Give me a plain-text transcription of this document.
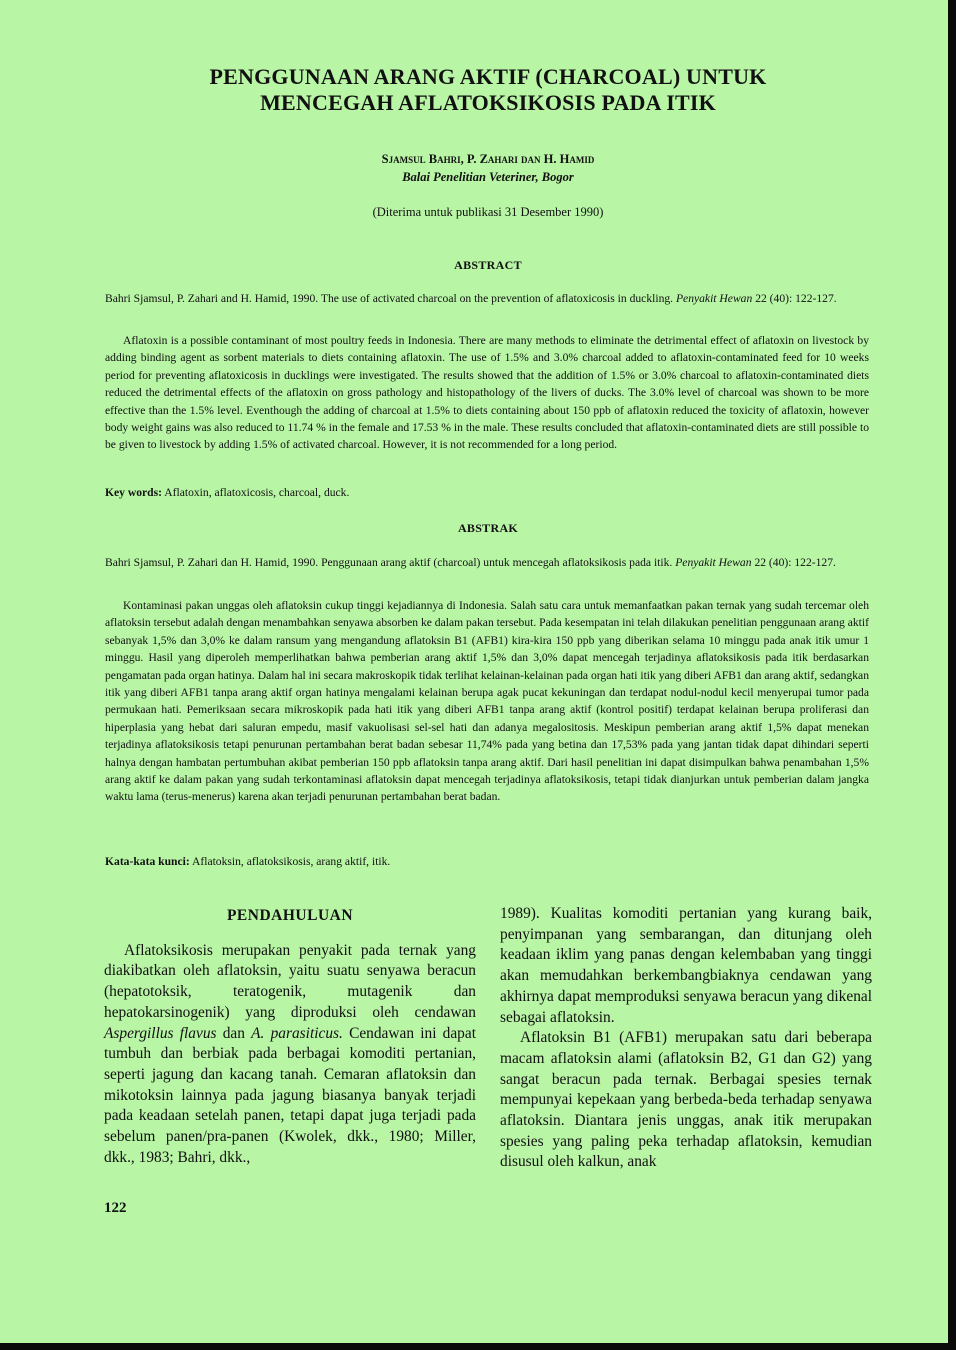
PENGGUNAAN ARANG AKTIF (CHARCOAL) UNTUK
MENCEGAH AFLATOKSIKOSIS PADA ITIK
Sjamsul Bahri, P. Zahari dan H. Hamid
Balai Penelitian Veteriner, Bogor
(Diterima untuk publikasi 31 Desember 1990)
ABSTRACT

Bahri Sjamsul, P. Zahari and H. Hamid, 1990. The use of activated charcoal on the prevention of aflatoxicosis in duckling. Penyakit Hewan 22 (40): 122-127.

Aflatoxin is a possible contaminant of most poultry feeds in Indonesia. There are many methods to eliminate the detrimental effect of aflatoxin on livestock by adding binding agent as sorbent materials to diets containing aflatoxin. The use of 1.5% and 3.0% charcoal added to aflatoxin-contaminated feed for 10 weeks period for preventing aflatoxicosis in ducklings were investigated. The results showed that the addition of 1.5% or 3.0% charcoal to aflatoxin-contaminated diets reduced the detrimental effects of the aflatoxin on gross pathology and histopathology of the livers of ducks. The 3.0% level of charcoal was shown to be more effective than the 1.5% level. Eventhough the adding of charcoal at 1.5% to diets containing about 150 ppb of aflatoxin reduced the toxicity of aflatoxin, however body weight gains was also reduced to 11.74 % in the female and 17.53 % in the male. These results concluded that aflatoxin-contaminated diets are still possible to be given to livestock by adding 1.5% of activated charcoal. However, it is not recommended for a long period.

Key words: Aflatoxin, aflatoxicosis, charcoal, duck.

ABSTRAK

Bahri Sjamsul, P. Zahari dan H. Hamid, 1990. Penggunaan arang aktif (charcoal) untuk mencegah aflatoksikosis pada itik. Penyakit Hewan 22 (40): 122-127.

Kontaminasi pakan unggas oleh aflatoksin cukup tinggi kejadiannya di Indonesia. Salah satu cara untuk memanfaatkan pakan ternak yang sudah tercemar oleh aflatoksin tersebut adalah dengan menambahkan senyawa absorben ke dalam pakan tersebut. Pada kesempatan ini telah dilakukan penelitian penggunaan arang aktif sebanyak 1,5% dan 3,0% ke dalam ransum yang mengandung aflatoksin B1 (AFB1) kira-kira 150 ppb yang diberikan selama 10 minggu pada anak itik umur 1 minggu. Hasil yang diperoleh memperlihatkan bahwa pemberian arang aktif 1,5% dan 3,0% dapat mencegah terjadinya aflatoksikosis pada itik berdasarkan pengamatan pada organ hatinya. Dalam hal ini secara makroskopik tidak terlihat kelainan-kelainan pada organ hati itik yang diberi AFB1 dan arang aktif, sedangkan itik yang diberi AFB1 tanpa arang aktif organ hatinya mengalami kelainan berupa agak pucat kekuningan dan terdapat nodul-nodul kecil menyerupai tumor pada permukaan hati. Pemeriksaan secara mikroskopik pada hati itik yang diberi AFB1 tanpa arang aktif (kontrol positif) terdapat kelainan berupa proliferasi dan hiperplasia yang hebat dari saluran empedu, masif vakuolisasi sel-sel hati dan adanya megalositosis. Meskipun pemberian arang aktif 1,5% dapat menekan terjadinya aflatoksikosis tetapi penurunan pertambahan berat badan sebesar 11,74% pada yang betina dan 17,53% pada yang jantan tidak dapat dihindari seperti halnya dengan hambatan pertumbuhan akibat pemberian 150 ppb aflatoksin tanpa arang aktif. Dari hasil penelitian ini dapat disimpulkan bahwa penambahan 1,5% arang aktif ke dalam pakan yang sudah terkontaminasi aflatoksin dapat mencegah terjadinya aflatoksikosis, tetapi tidak dianjurkan untuk pemberian dalam jangka waktu lama (terus-menerus) karena akan terjadi penurunan pertambahan berat badan.

Kata-kata kunci: Aflatoksin, aflatoksikosis, arang aktif, itik.

PENDAHULUAN

Aflatoksikosis merupakan penyakit pada ternak yang diakibatkan oleh aflatoksin, yaitu suatu senyawa beracun (hepatotoksik, teratogenik, mutagenik dan hepatokarsinogenik) yang diproduksi oleh cendawan Aspergillus flavus dan A. parasiticus. Cendawan ini dapat tumbuh dan berbiak pada berbagai komoditi pertanian, seperti jagung dan kacang tanah. Cemaran aflatoksin dan mikotoksin lainnya pada jagung biasanya banyak terjadi pada keadaan setelah panen, tetapi dapat juga terjadi pada sebelum panen/pra-panen (Kwolek, dkk., 1980; Miller, dkk., 1983; Bahri, dkk.,

1989). Kualitas komoditi pertanian yang kurang baik, penyimpanan yang sembarangan, dan ditunjang oleh keadaan iklim yang panas dengan kelembaban yang tinggi akan memudahkan berkembangbiaknya cendawan yang akhirnya dapat memproduksi senyawa beracun yang dikenal sebagai aflatoksin.

Aflatoksin B1 (AFB1) merupakan satu dari beberapa macam aflatoksin alami (aflatoksin B2, G1 dan G2) yang sangat beracun pada ternak. Berbagai spesies ternak mempunyai kepekaan yang berbeda-beda terhadap senyawa aflatoksin. Diantara jenis unggas, anak itik merupakan spesies yang paling peka terhadap aflatoksin, kemudian disusul oleh kalkun, anak

122
